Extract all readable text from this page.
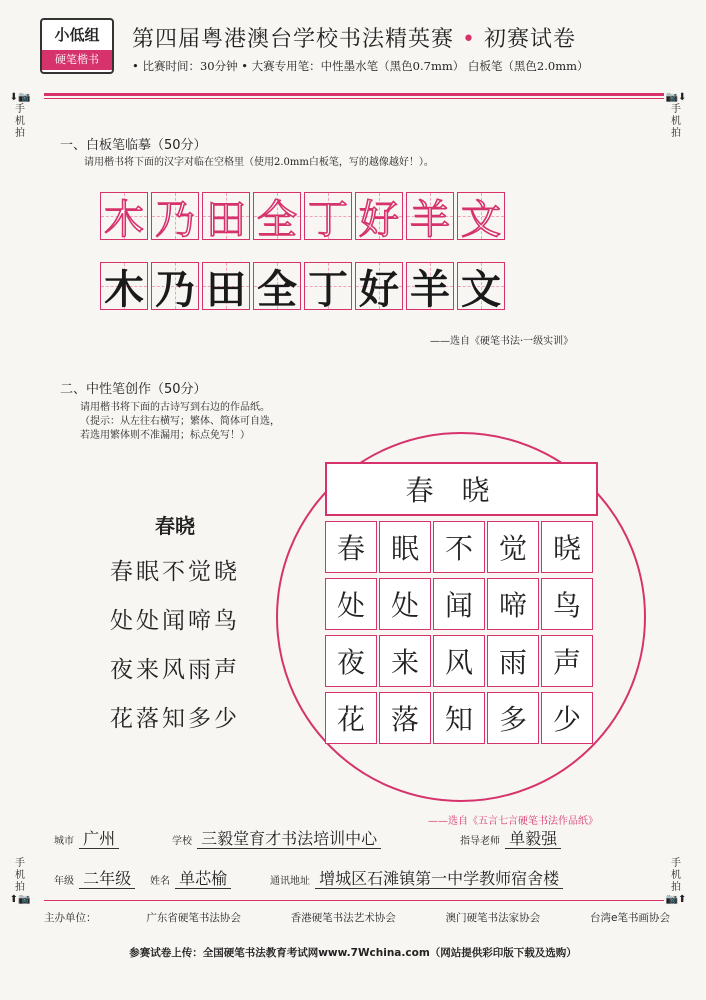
小低组
硬笔楷书
第四届粤港澳台学校书法精英赛 • 初赛试卷
• 比赛时间：30分钟 • 大赛专用笔：中性墨水笔（黑色0.7mm） 白板笔（黑色2.0mm）
⬇📷
手
机
拍
📷⬇
手
机
拍
手
机
拍
⬆📷
手
机
拍
📷⬆
一、白板笔临摹（50分）
请用楷书将下面的汉字对临在空格里（使用2.0mm白板笔，写的越像越好！）。
木 乃 田 全 丁 好 羊 文
木 乃 田 全 丁 好 羊 文
——选自《硬笔书法·一级实训》
二、中性笔创作（50分）
请用楷书将下面的古诗写到右边的作品纸。
（提示：从左往右横写；繁体、简体可自选，
若选用繁体则不准漏用；标点免写！）
春晓
春眠不觉晓
处处闻啼鸟
夜来风雨声
花落知多少
春晓
春 眠 不 觉 晓
处 处 闻 啼 鸟
夜 来 风 雨 声
花 落 知 多 少
——选自《五言七言硬笔书法作品纸》
城市 广州	学校 三毅堂育才书法培训中心	指导老师 单毅强
年级 二年级	姓名 单芯榆	通讯地址 增城区石滩镇第一中学教师宿舍楼
主办单位：	广东省硬笔书法协会	香港硬笔书法艺术协会	澳门硬笔书法家协会	台湾e笔书画协会
参赛试卷上传：全国硬笔书法教育考试网www.7Wchina.com（网站提供彩印版下载及选购）
